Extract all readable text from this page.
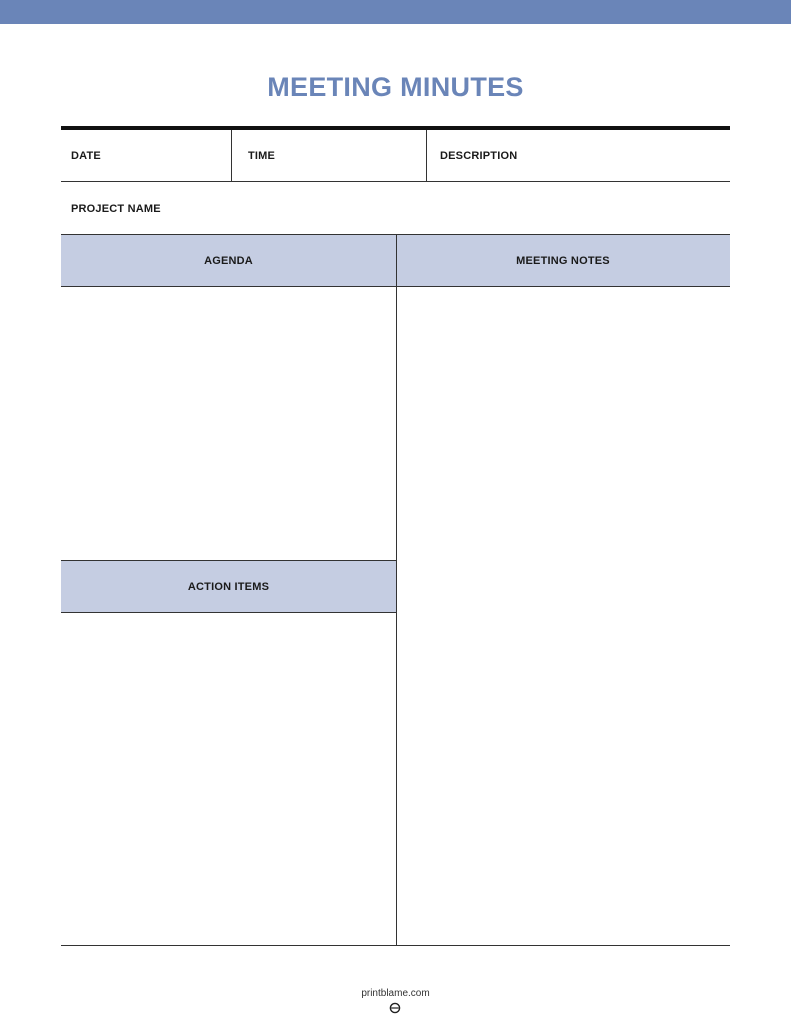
MEETING MINUTES
DATE	TIME	DESCRIPTION
PROJECT NAME
AGENDA	MEETING NOTES
ACTION ITEMS
printblame.com
